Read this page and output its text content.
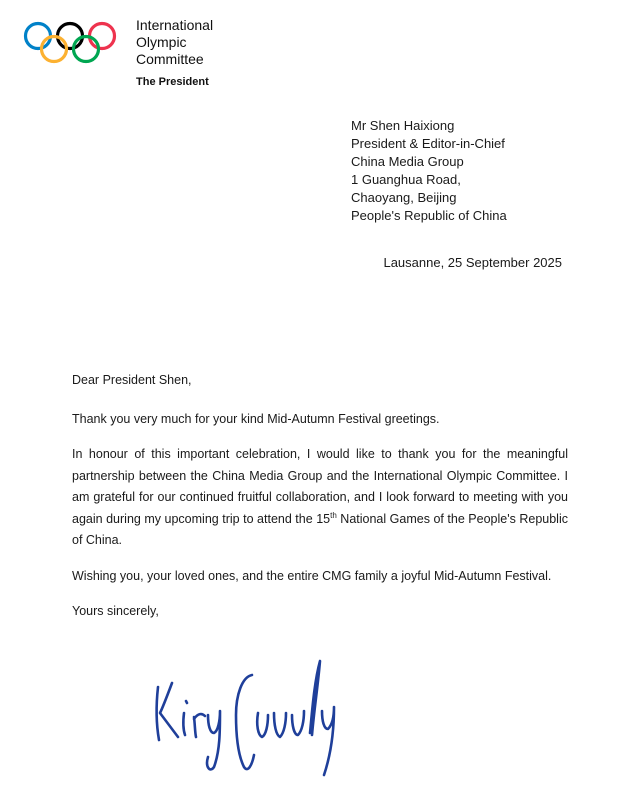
International
Olympic
Committee
The President
Mr Shen Haixiong
President & Editor-in-Chief
China Media Group
1 Guanghua Road,
Chaoyang, Beijing
People's Republic of China
Lausanne, 25 September 2025

Dear President Shen,

Thank you very much for your kind Mid-Autumn Festival greetings.

In honour of this important celebration, I would like to thank you for the meaningful partnership between the China Media Group and the International Olympic Committee. I am grateful for our continued fruitful collaboration, and I look forward to meeting with you again during my upcoming trip to attend the 15th National Games of the People's Republic of China.

Wishing you, your loved ones, and the entire CMG family a joyful Mid-Autumn Festival.

Yours sincerely,
